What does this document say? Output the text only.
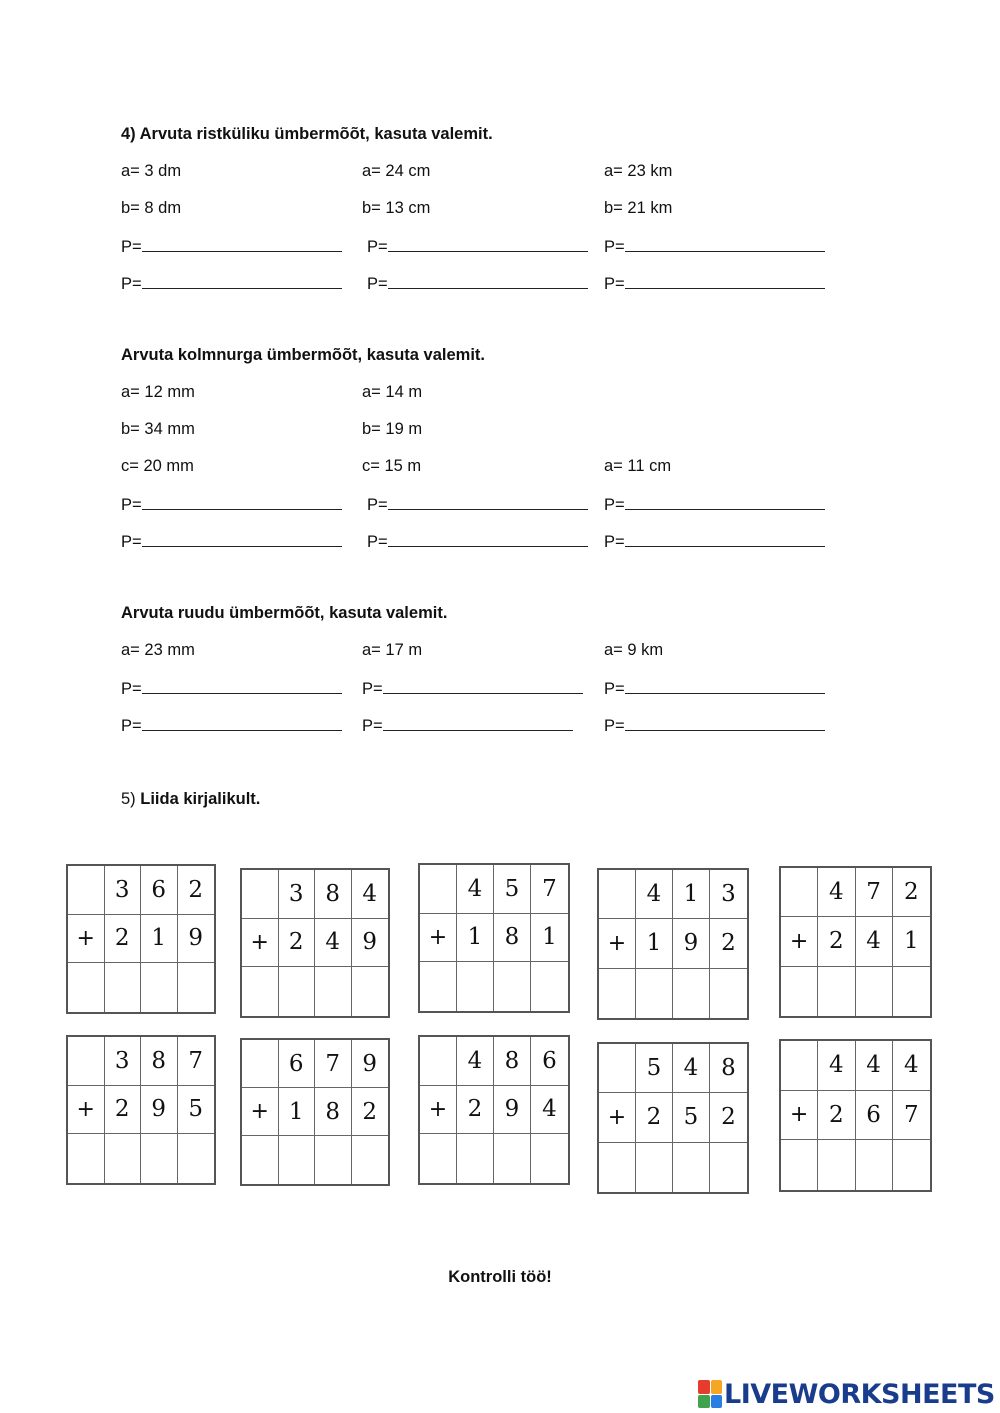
4) Arvuta ristküliku ümbermõõt, kasuta valemit.
a= 3 dm	a= 24 cm	a= 23 km
b= 8 dm	b= 13 cm	b= 21 km
P=	P=	P=
P=	P=	P=
Arvuta kolmnurga ümbermõõt, kasuta valemit.
a= 12 mm	a= 14 m
b= 34 mm	b= 19 m
c= 20 mm	c= 15 m	a= 11 cm
P=	P=	P=
P=	P=	P=
Arvuta ruudu ümbermõõt, kasuta valemit.
a= 23 mm	a= 17 m	a= 9 km
P=	P=	P=
P=	P=	P=
5) Liida kirjalikult.
3 6 2
+ 2 1 9
3 8 4
+ 2 4 9
4 5 7
+ 1 8 1
4 1 3
+ 1 9 2
4 7	2
+ 2 4	1
3 8 7
+ 2 9 5
6 7 9
+ 1 8 2
4 8 6
+ 2 9 4
5 4 8
+ 2 5 2
4 4	4
+ 2 6	7
Kontrolli töö!
LIVEWORKSHEETS
